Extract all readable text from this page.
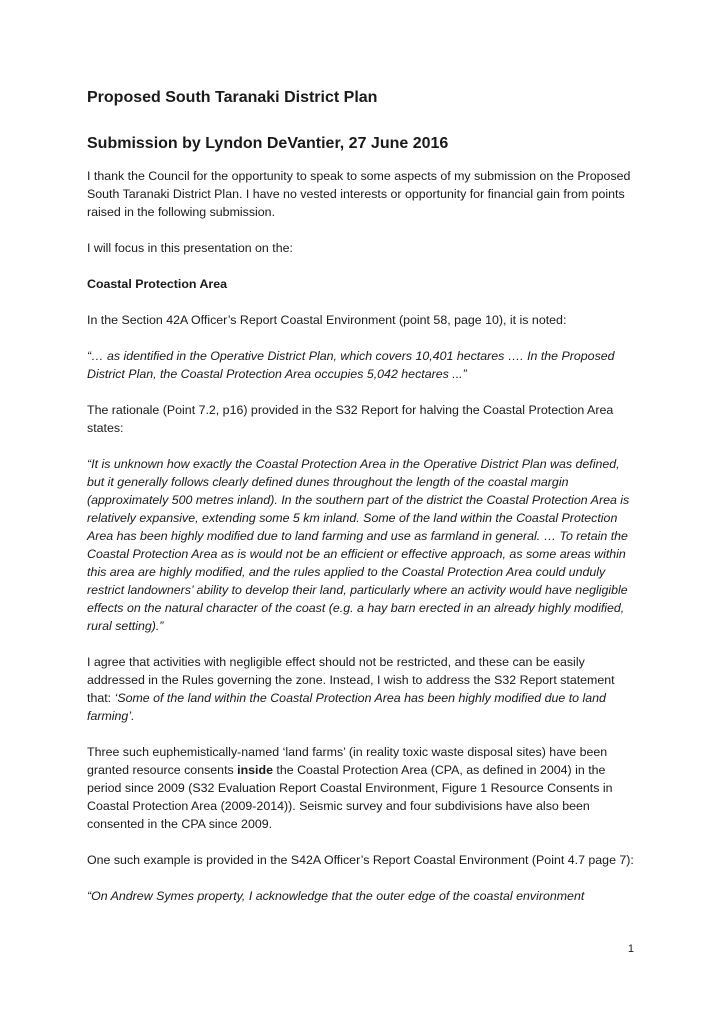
Proposed South Taranaki District Plan
Submission by Lyndon DeVantier, 27 June 2016

I thank the Council for the opportunity to speak to some aspects of my submission on the Proposed South Taranaki District Plan. I have no vested interests or opportunity for financial gain from points raised in the following submission.

I will focus in this presentation on the:

Coastal Protection Area

In the Section 42A Officer’s Report Coastal Environment (point 58, page 10), it is noted:

“… as identified in the Operative District Plan, which covers 10,401 hectares …. In the Proposed District Plan, the Coastal Protection Area occupies 5,042 hectares ...”

The rationale (Point 7.2, p16) provided in the S32 Report for halving the Coastal Protection Area states:

“It is unknown how exactly the Coastal Protection Area in the Operative District Plan was defined, but it generally follows clearly defined dunes throughout the length of the coastal margin (approximately 500 metres inland). In the southern part of the district the Coastal Protection Area is relatively expansive, extending some 5 km inland. Some of the land within the Coastal Protection Area has been highly modified due to land farming and use as farmland in general. … To retain the Coastal Protection Area as is would not be an efficient or effective approach, as some areas within this area are highly modified, and the rules applied to the Coastal Protection Area could unduly restrict landowners’ ability to develop their land, particularly where an activity would have negligible effects on the natural character of the coast (e.g. a hay barn erected in an already highly modified, rural setting).”

I agree that activities with negligible effect should not be restricted, and these can be easily addressed in the Rules governing the zone. Instead, I wish to address the S32 Report statement that: ‘Some of the land within the Coastal Protection Area has been highly modified due to land farming’.

Three such euphemistically-named ‘land farms’ (in reality toxic waste disposal sites) have been granted resource consents inside the Coastal Protection Area (CPA, as defined in 2004) in the period since 2009 (S32 Evaluation Report Coastal Environment, Figure 1 Resource Consents in Coastal Protection Area (2009-2014)). Seismic survey and four subdivisions have also been consented in the CPA since 2009.

One such example is provided in the S42A Officer’s Report Coastal Environment (Point 4.7 page 7):

“On Andrew Symes property, I acknowledge that the outer edge of the coastal environment

1
